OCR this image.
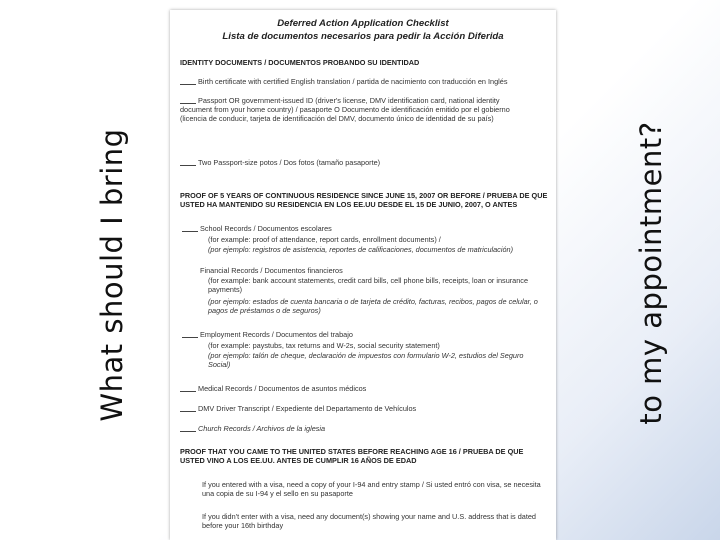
What should I bring	to my appointment?
Deferred Action Application Checklist
Lista de documentos necesarios para pedir la Acción Diferida
IDENTITY DOCUMENTS / DOCUMENTOS PROBANDO SU IDENTIDAD
Birth certificate with certified English translation / partida de nacimiento con traducción en Inglés
Passport OR government-issued ID (driver's license, DMV identification card, national identity document from your home country) / pasaporte O Documento de identificación emitido por el gobierno (licencia de conducir, tarjeta de identificación del DMV, documento único de identidad de su país)
Two Passport-size potos / Dos fotos (tamaño pasaporte)
PROOF OF 5 YEARS OF CONTINUOUS RESIDENCE SINCE JUNE 15, 2007 OR BEFORE / PRUEBA DE QUE USTED HA MANTENIDO SU RESIDENCIA EN LOS EE.UU DESDE EL 15 DE JUNIO, 2007, O ANTES
School Records / Documentos escolares
(for example: proof of attendance, report cards, enrollment documents) /
(por ejemplo: registros de asistencia, reportes de calificaciones, documentos de matriculación)
Financial Records / Documentos financieros
(for example: bank account statements, credit card bills, cell phone bills, receipts, loan or insurance payments)
(por ejemplo: estados de cuenta bancaria o de tarjeta de crédito, facturas, recibos, pagos de celular, o pagos de préstamos o de seguros)
Employment Records / Documentos del trabajo
(for example: paystubs, tax returns and W-2s, social security statement)
(por ejemplo: talón de cheque, declaración de impuestos con formulario W-2, estudios del Seguro Social)
Medical Records / Documentos de asuntos médicos
DMV Driver Transcript / Expediente del Departamento de Vehículos
Church Records / Archivos de la iglesia
PROOF THAT YOU CAME TO THE UNITED STATES BEFORE REACHING AGE 16 / PRUEBA DE QUE USTED VINO A LOS EE.UU. ANTES DE CUMPLIR 16 AÑOS DE EDAD
If you entered with a visa, need a copy of your I-94 and entry stamp / Si usted entró con visa, se necesita una copia de su I-94 y el sello en su pasaporte
If you didn't enter with a visa, need any document(s) showing your name and U.S. address that is dated before your 16th birthday
